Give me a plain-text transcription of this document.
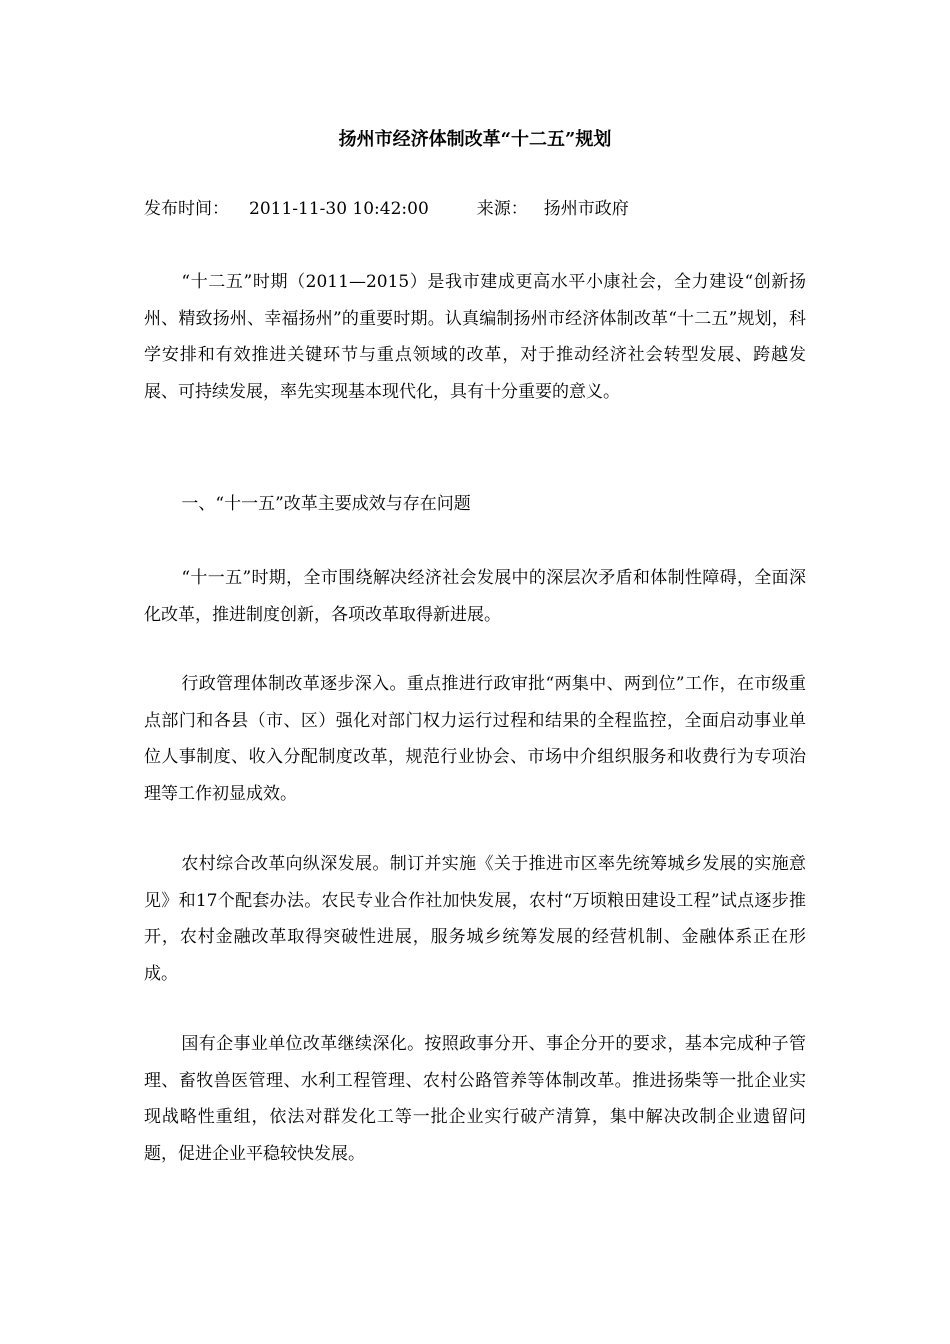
扬州市经济体制改革“十二五”规划
发布时间： 2011-11-30 10:42:00	来源： 扬州市政府

“十二五”时期（2011—2015）是我市建成更高水平小康社会，全力建设“创新扬州、精致扬州、幸福扬州”的重要时期。认真编制扬州市经济体制改革“十二五”规划，科学安排和有效推进关键环节与重点领域的改革，对于推动经济社会转型发展、跨越发展、可持续发展，率先实现基本现代化，具有十分重要的意义。

一、“十一五”改革主要成效与存在问题

“十一五”时期，全市围绕解决经济社会发展中的深层次矛盾和体制性障碍，全面深化改革，推进制度创新，各项改革取得新进展。

行政管理体制改革逐步深入。重点推进行政审批“两集中、两到位”工作，在市级重点部门和各县（市、区）强化对部门权力运行过程和结果的全程监控，全面启动事业单位人事制度、收入分配制度改革，规范行业协会、市场中介组织服务和收费行为专项治理等工作初显成效。

农村综合改革向纵深发展。制订并实施《关于推进市区率先统筹城乡发展的实施意见》和17个配套办法。农民专业合作社加快发展，农村“万顷粮田建设工程”试点逐步推开，农村金融改革取得突破性进展，服务城乡统筹发展的经营机制、金融体系正在形成。

国有企事业单位改革继续深化。按照政事分开、事企分开的要求，基本完成种子管理、畜牧兽医管理、水利工程管理、农村公路管养等体制改革。推进扬柴等一批企业实现战略性重组，依法对群发化工等一批企业实行破产清算，集中解决改制企业遗留问题，促进企业平稳较快发展。
